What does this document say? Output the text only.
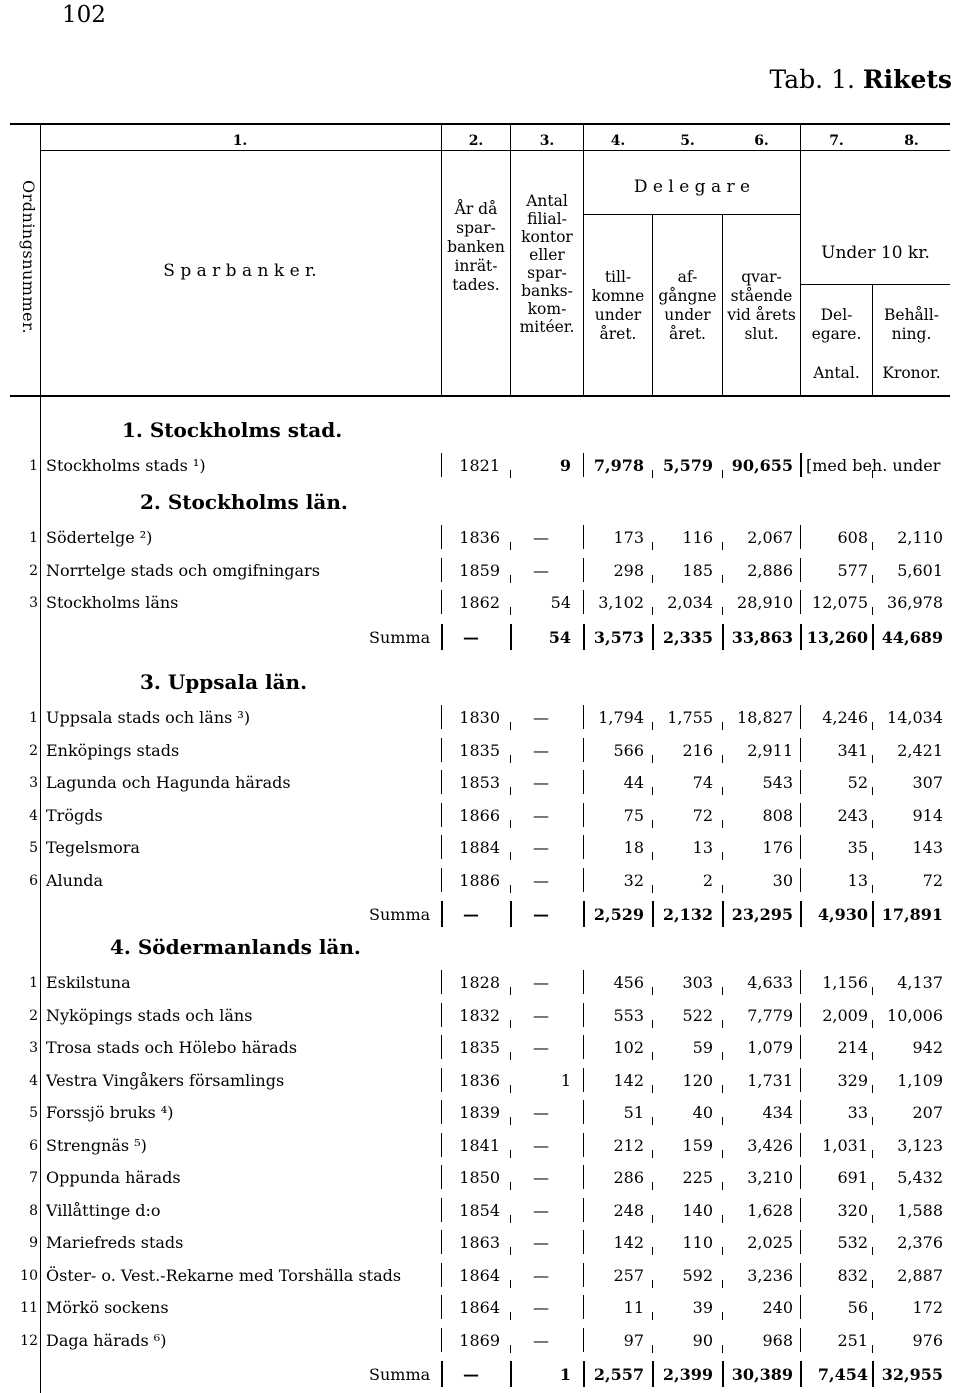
102
Tab. 1. Rikets
1.	2.	3.	4.	5.	6.	7.	8.
Ordningsnummer.	S p a r b a n k e r.
År då
spar-
banken
inrät-
tades.
Antal
filial-
kontor
eller
spar-
banks-
kom-
mitéer.
D e l e g a r e
till-
komne
under
året.
af-
gångne
under
året.
qvar-
stående
vid årets
slut.
Under 10 kr.
Del-
egare.
Behåll-
ning.
Antal.	Kronor.
1. Stockholms stad.
1 Stockholms stads ¹)	1821	9	7,978	5,579	90,655 [med beh. under
2. Stockholms län.
1 Södertelge ²)	1836	—	173	116	2,067	608	2,110
2 Norrtelge stads och omgifningars	1859	—	298	185	2,886	577	5,601
3 Stockholms läns	1862	54	3,102	2,034	28,910	12,075	36,978
Summa	—	54	3,573	2,335	33,863 13,260 44,689
3. Uppsala län.
1 Uppsala stads och läns ³)	1830	—	1,794	1,755	18,827	4,246	14,034
2 Enköpings stads	1835	—	566	216	2,911	341	2,421
3 Lagunda och Hagunda härads	1853	—	44	74	543	52	307
4 Trögds	1866	—	75	72	808	243	914
5 Tegelsmora	1884	—	18	13	176	35	143
6 Alunda	1886	—	32	2	30	13	72
Summa	—	—	2,529	2,132	23,295	4,930 17,891
4. Södermanlands län.
1 Eskilstuna	1828	—	456	303	4,633	1,156	4,137
2 Nyköpings stads och läns	1832	—	553	522	7,779	2,009	10,006
3 Trosa stads och Hölebo härads	1835	—	102	59	1,079	214	942
4 Vestra Vingåkers församlings	1836	1	142	120	1,731	329	1,109
5 Forssjö bruks ⁴)	1839	—	51	40	434	33	207
6 Strengnäs ⁵)	1841	—	212	159	3,426	1,031	3,123
7 Oppunda härads	1850	—	286	225	3,210	691	5,432
8 Villåttinge d:o	1854	—	248	140	1,628	320	1,588
9 Mariefreds stads	1863	—	142	110	2,025	532	2,376
10 Öster- o. Vest.-Rekarne med Torshälla stads	1864	—	257	592	3,236	832	2,887
11 Mörkö sockens	1864	—	11	39	240	56	172
12 Daga härads ⁶)	1869	—	97	90	968	251	976
Summa	—	1	2,557	2,399	30,389	7,454 32,955
